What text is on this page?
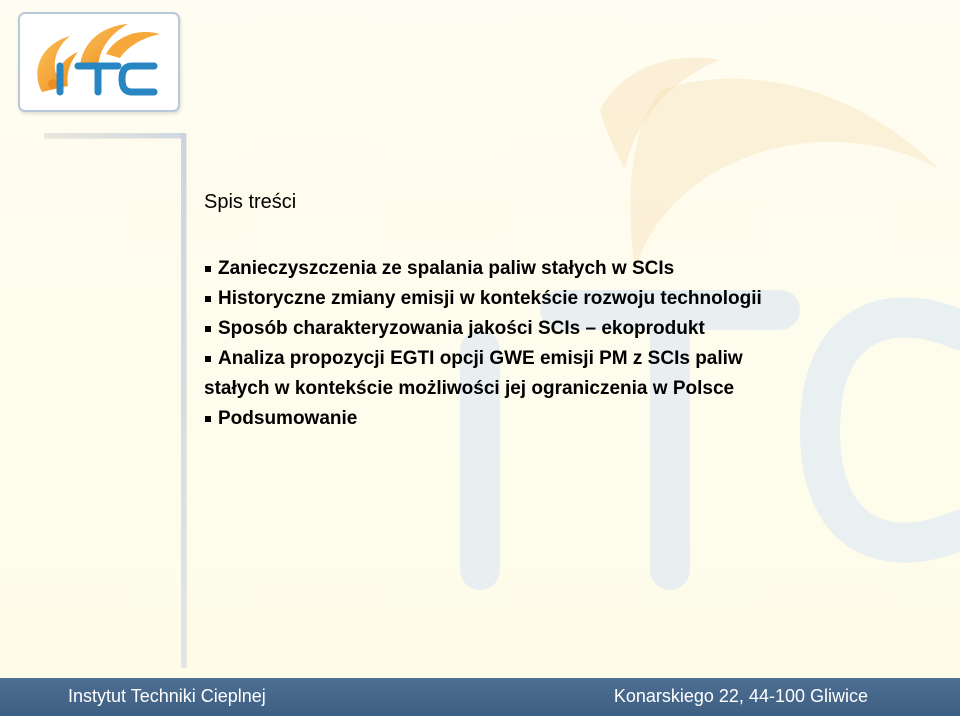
Spis treści
Zanieczyszczenia ze spalania paliw stałych w SCIs
Historyczne zmiany emisji w kontekście rozwoju technologii
Sposób charakteryzowania jakości SCIs – ekoprodukt
Analiza propozycji EGTI opcji GWE emisji PM z SCIs paliw
stałych w kontekście możliwości jej ograniczenia w Polsce
Podsumowanie
Instytut Techniki Cieplnej	Konarskiego 22, 44-100 Gliwice
